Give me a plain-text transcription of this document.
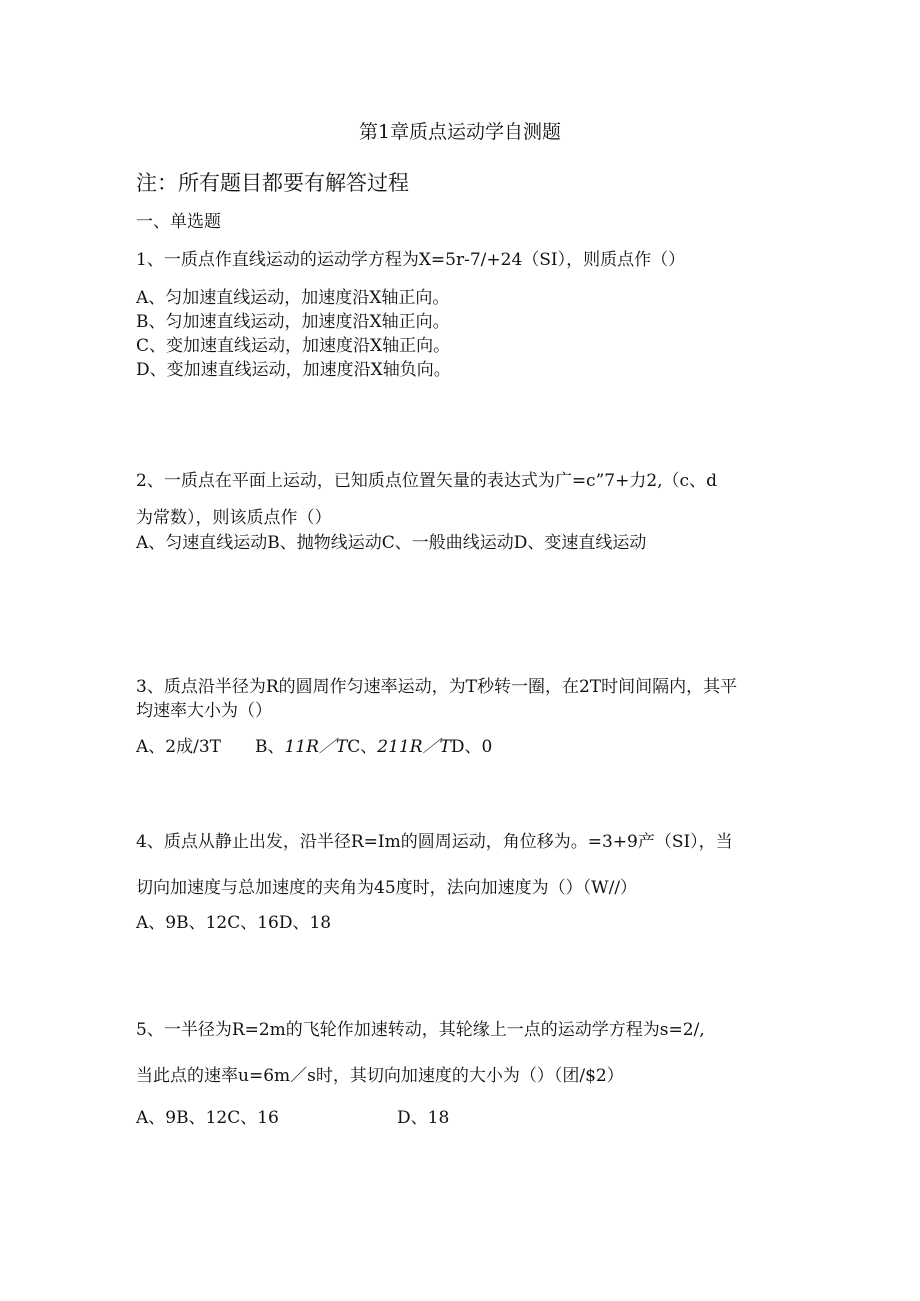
第1章质点运动学自测题
注：所有题目都要有解答过程
一、单选题
1、一质点作直线运动的运动学方程为X=5r-7/+24（SI），则质点作（）
A、匀加速直线运动，加速度沿X轴正向。
B、匀加速直线运动，加速度沿X轴正向。
C、变加速直线运动，加速度沿X轴正向。
D、变加速直线运动，加速度沿X轴负向。
2、一质点在平面上运动，已知质点位置矢量的表达式为广=c”7+力2,（c、d
为常数），则该质点作（）
A、匀速直线运动B、抛物线运动C、一般曲线运动D、变速直线运动
3、质点沿半径为R的圆周作匀速率运动，为T秒转一圈，在2T时间间隔内，其平
均速率大小为（）
A、2成/3T B、11R／TC、211R／TD、0
4、质点从静止出发，沿半径R=Im的圆周运动，角位移为。=3+9产（SI），当
切向加速度与总加速度的夹角为45度时，法向加速度为（）（W//）
A、9B、12C、16D、18
5、一半径为R=2m的飞轮作加速转动，其轮缘上一点的运动学方程为s=2/,
当此点的速率u=6m／s时，其切向加速度的大小为（）（团/$2）
A、9B、12C、16	D、18
